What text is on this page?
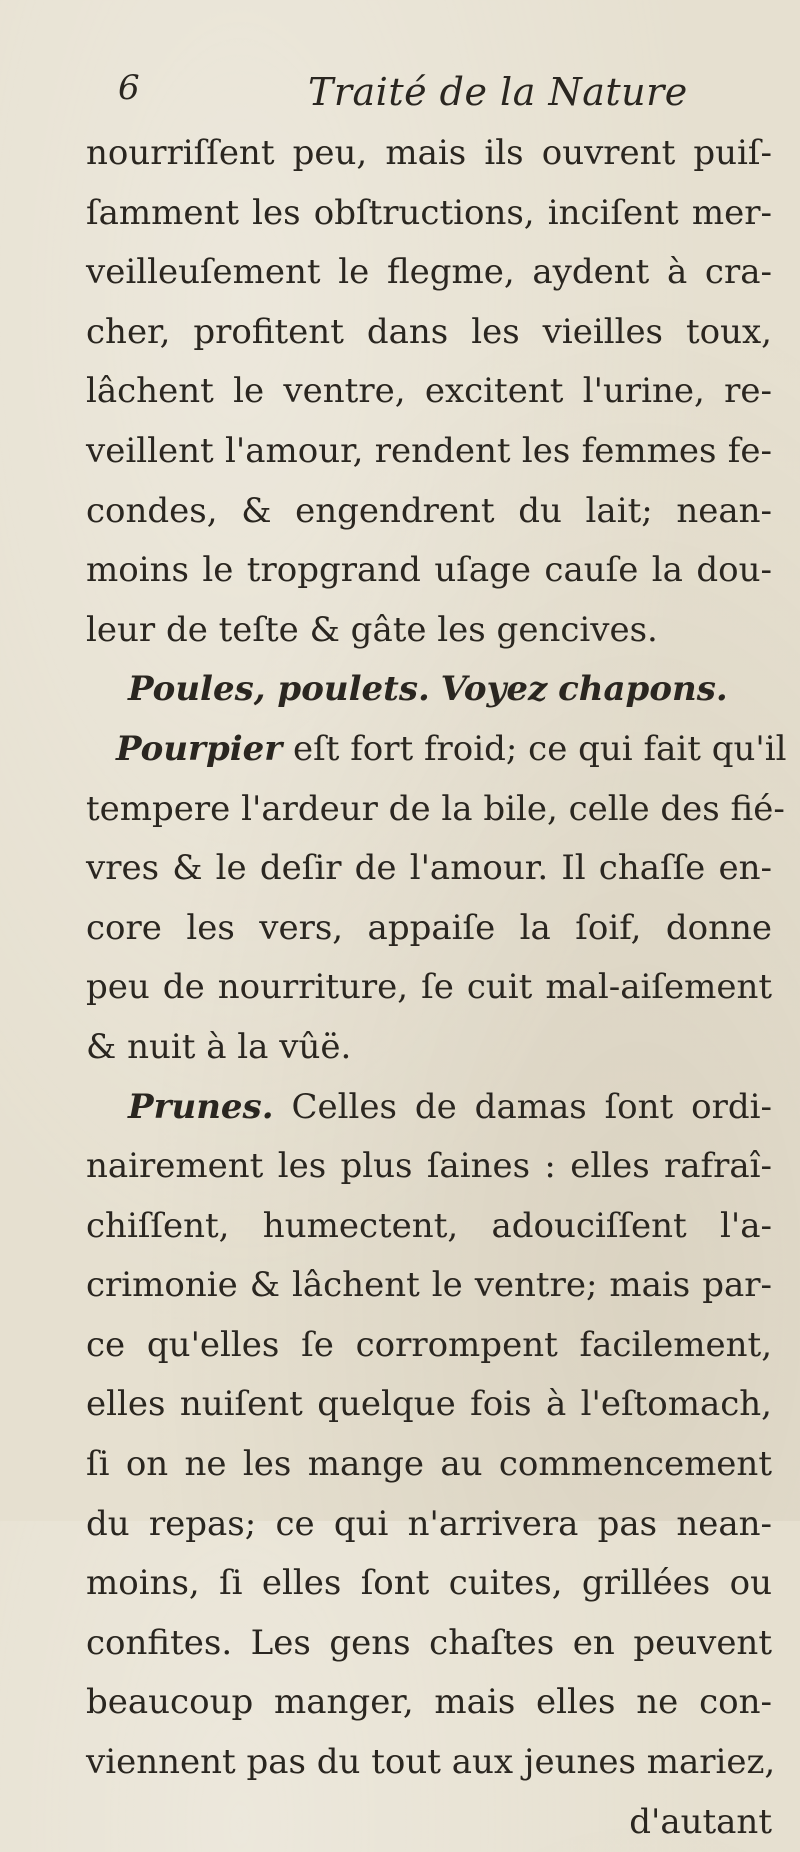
6	Traité de la Nature
nourriſſent peu, mais ils ouvrent puiſ-
ſamment les obſtructions, inciſent mer-
veilleuſement le flegme, aydent à cra-
cher, profitent dans les vieilles toux,
lâchent le ventre, excitent l'urine, re-
veillent l'amour, rendent les femmes fe-
condes, & engendrent du lait; nean-
moins le tropgrand uſage cauſe la dou-
leur de teſte & gâte les gencives.
Poules, poulets. Voyez chapons.
Pourpier eſt fort froid; ce qui fait qu'il
tempere l'ardeur de la bile, celle des fié-
vres & le deſir de l'amour. Il chaſſe en-
core les vers, appaiſe la ſoif, donne
peu de nourriture, ſe cuit mal-aiſement
& nuit à la vûë.
Prunes. Celles de damas ſont ordi-
nairement les plus ſaines : elles rafraî-
chiſſent, humectent, adouciſſent l'a-
crimonie & lâchent le ventre; mais par-
ce qu'elles ſe corrompent facilement,
elles nuiſent quelque fois à l'eſtomach,
ſi on ne les mange au commencement
du repas; ce qui n'arrivera pas nean-
moins, ſi elles ſont cuites, grillées ou
confites. Les gens chaſtes en peuvent
beaucoup manger, mais elles ne con-
viennent pas du tout aux jeunes mariez,
d'autant
